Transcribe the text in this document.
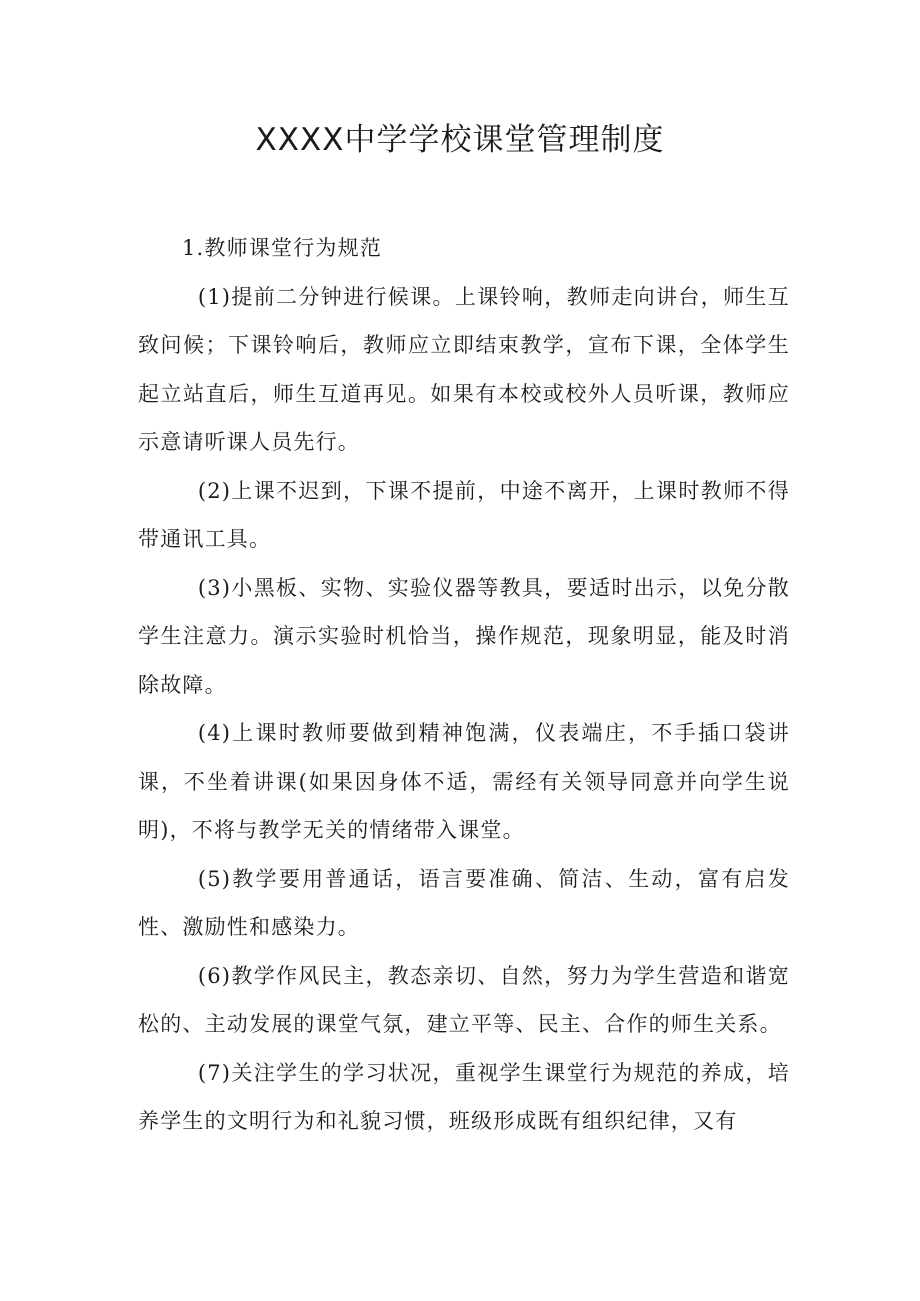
XXXX中学学校课堂管理制度

1.教师课堂行为规范

(1)提前二分钟进行候课。上课铃响，教师走向讲台，师生互致问候；下课铃响后，教师应立即结束教学，宣布下课，全体学生起立站直后，师生互道再见。如果有本校或校外人员听课，教师应示意请听课人员先行。

(2)上课不迟到，下课不提前，中途不离开，上课时教师不得带通讯工具。

(3)小黑板、实物、实验仪器等教具，要适时出示，以免分散学生注意力。演示实验时机恰当，操作规范，现象明显，能及时消除故障。

(4)上课时教师要做到精神饱满，仪表端庄，不手插口袋讲课，不坐着讲课(如果因身体不适，需经有关领导同意并向学生说明)，不将与教学无关的情绪带入课堂。

(5)教学要用普通话，语言要准确、简洁、生动，富有启发性、激励性和感染力。

(6)教学作风民主，教态亲切、自然，努力为学生营造和谐宽松的、主动发展的课堂气氛，建立平等、民主、合作的师生关系。

(7)关注学生的学习状况，重视学生课堂行为规范的养成，培养学生的文明行为和礼貌习惯，班级形成既有组织纪律，又有
